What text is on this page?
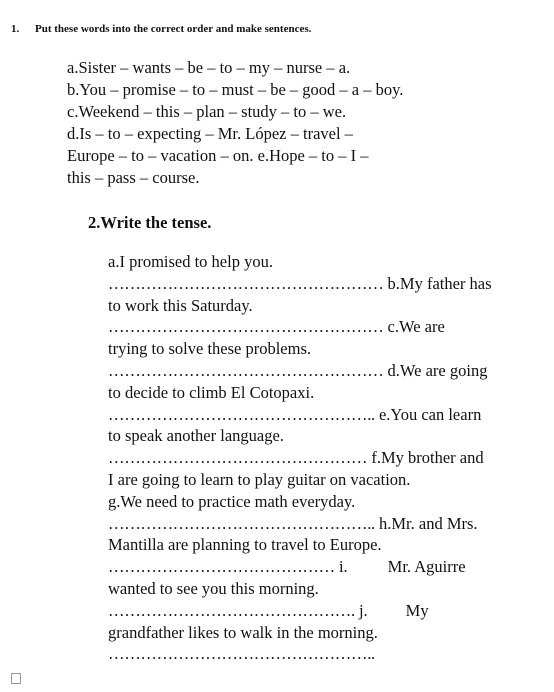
1. Put these words into the correct order and make sentences.
a.Sister – wants – be – to – my – nurse – a.
b.You – promise – to – must – be – good – a – boy.
c.Weekend – this – plan – study – to – we.
d.Is – to – expecting – Mr. López – travel –
Europe – to – vacation – on. e.Hope – to – I –
this – pass – course.
2.Write the tense.
a.I promised to help you.
…………………………………………… b.My father has
to work this Saturday.
…………………………………………… c.We are
trying to solve these problems.
…………………………………………… d.We are going
to decide to climb El Cotopaxi.
………………………………………….. e.You can learn
to speak another language.
………………………………………… f.My brother and
I are going to learn to play guitar on vacation.
g.We need to practice math everyday.
………………………………………….. h.Mr. and Mrs.
Mantilla are planning to travel to Europe.
…………………………………… i. Mr. Aguirre
wanted to see you this morning.
………………………………………. j. My
grandfather likes to walk in the morning.
…………………………………………..
